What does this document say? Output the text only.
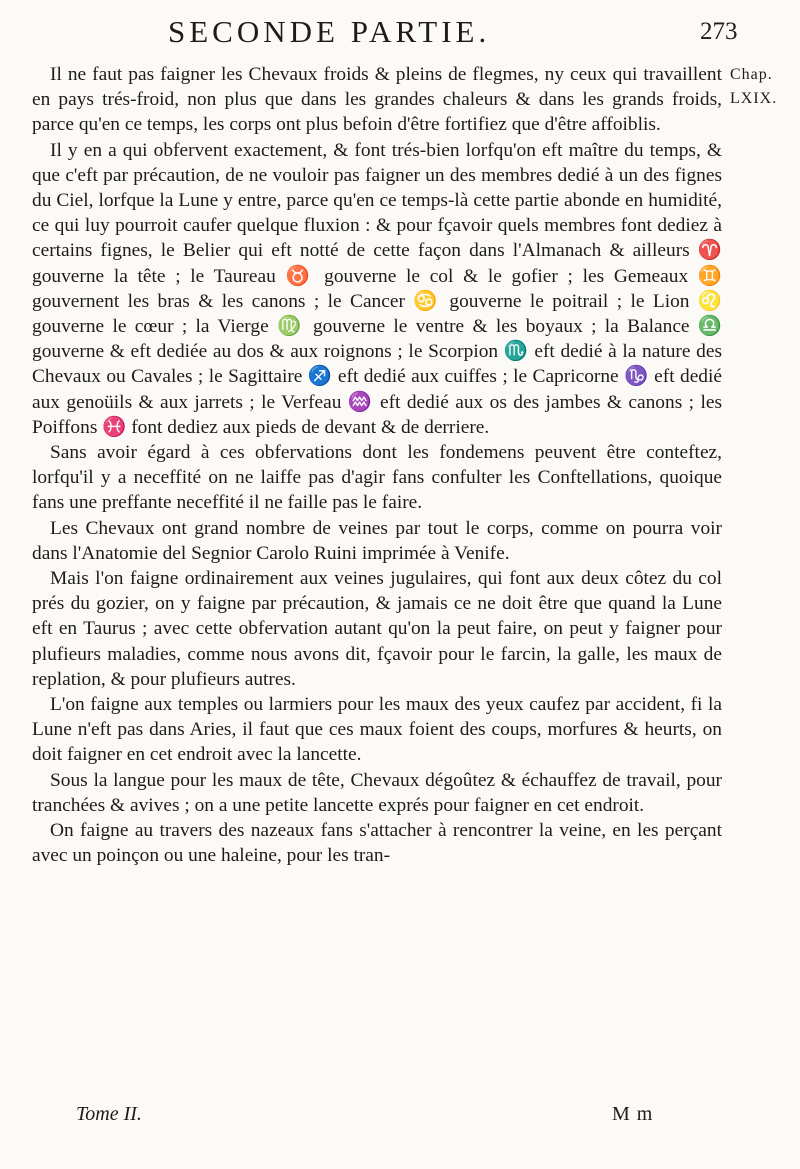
SECONDE PARTIE.	273
Chap.
LXIX.

Il ne faut pas faigner les Chevaux froids & pleins de flegmes, ny ceux qui travaillent en pays trés-froid, non plus que dans les grandes chaleurs & dans les grands froids, parce qu'en ce temps, les corps ont plus befoin d'être fortifiez que d'être affoiblis.

Il y en a qui obfervent exactement, & font trés-bien lorfqu'on eft maître du temps, & que c'eft par précaution, de ne vouloir pas faigner un des membres dedié à un des fignes du Ciel, lorfque la Lune y entre, parce qu'en ce temps-là cette partie abonde en humidité, ce qui luy pourroit caufer quelque fluxion : & pour fçavoir quels membres font dediez à certains fignes, le Belier qui eft notté de cette façon dans l'Almanach & ailleurs ♈ gouverne la tête ; le Taureau ♉ gouverne le col & le gofier ; les Gemeaux ♊ gouvernent les bras & les canons ; le Cancer ♋ gouverne le poitrail ; le Lion ♌ gouverne le cœur ; la Vierge ♍ gouverne le ventre & les boyaux ; la Balance ♎ gouverne & eft dediée au dos & aux roignons ; le Scorpion ♏ eft dedié à la nature des Chevaux ou Cavales ; le Sagittaire ♐ eft dedié aux cuiffes ; le Capricorne ♑ eft dedié aux genoüils & aux jarrets ; le Verfeau ♒ eft dedié aux os des jambes & canons ; les Poiffons ♓ font dediez aux pieds de devant & de derriere.

Sans avoir égard à ces obfervations dont les fondemens peuvent être conteftez, lorfqu'il y a neceffité on ne laiffe pas d'agir fans confulter les Conftellations, quoique fans une preffante neceffité il ne faille pas le faire.

Les Chevaux ont grand nombre de veines par tout le corps, comme on pourra voir dans l'Anatomie del Segnior Carolo Ruini imprimée à Venife.

Mais l'on faigne ordinairement aux veines jugulaires, qui font aux deux côtez du col prés du gozier, on y faigne par précaution, & jamais ce ne doit être que quand la Lune eft en Taurus ; avec cette obfervation autant qu'on la peut faire, on peut y faigner pour plufieurs maladies, comme nous avons dit, fçavoir pour le farcin, la galle, les maux de replation, & pour plufieurs autres.

L'on faigne aux temples ou larmiers pour les maux des yeux caufez par accident, fi la Lune n'eft pas dans Aries, il faut que ces maux foient des coups, morfures & heurts, on doit faigner en cet endroit avec la lancette.

Sous la langue pour les maux de tête, Chevaux dégoûtez & échauffez de travail, pour tranchées & avives ; on a une petite lancette exprés pour faigner en cet endroit.

On faigne au travers des nazeaux fans s'attacher à rencontrer la veine, en les perçant avec un poinçon ou une haleine, pour les tran-

Tome II.	M m
